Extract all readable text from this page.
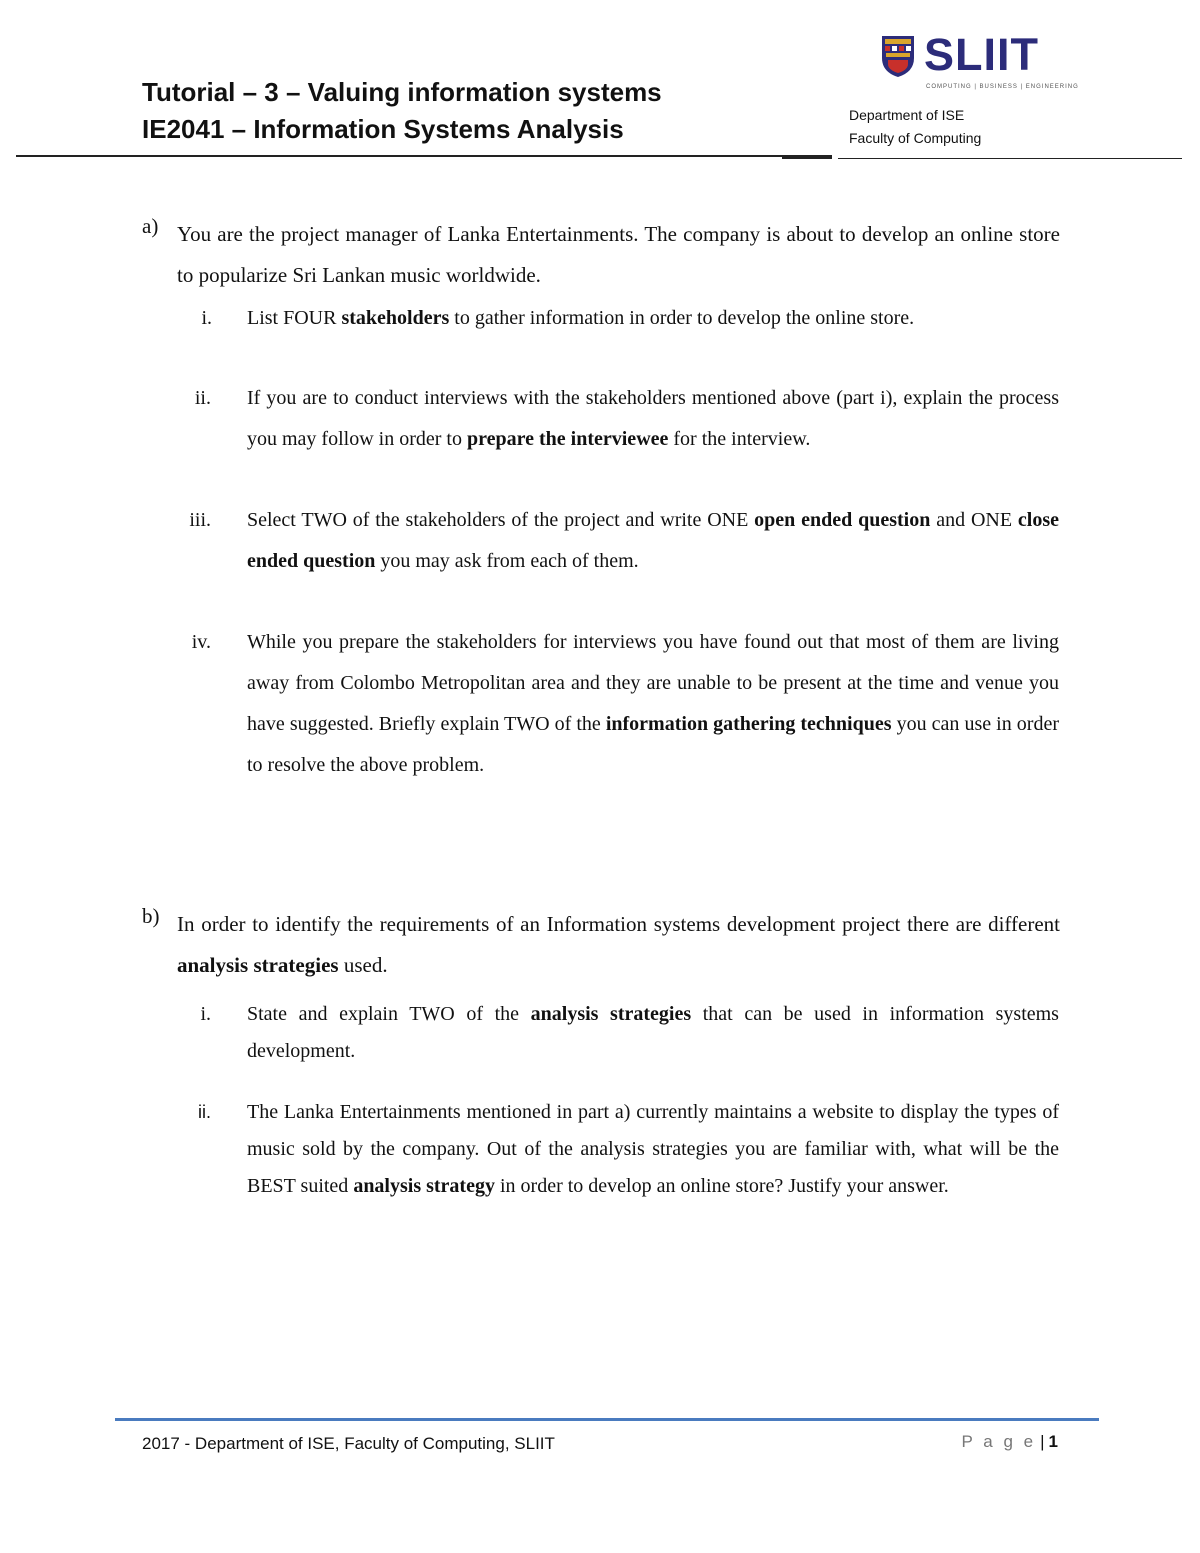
Tutorial – 3 – Valuing information systems
IE2041 – Information Systems Analysis
SLIIT
COMPUTING | BUSINESS | ENGINEERING
Department of ISE
Faculty of Computing
a) You are the project manager of Lanka Entertainments. The company is about to develop an online store to popularize Sri Lankan music worldwide.
i. List FOUR stakeholders to gather information in order to develop the online store.
ii. If you are to conduct interviews with the stakeholders mentioned above (part i), explain the process you may follow in order to prepare the interviewee for the interview.
iii. Select TWO of the stakeholders of the project and write ONE open ended question and ONE close ended question you may ask from each of them.
iv. While you prepare the stakeholders for interviews you have found out that most of them are living away from Colombo Metropolitan area and they are unable to be present at the time and venue you have suggested. Briefly explain TWO of the information gathering techniques you can use in order to resolve the above problem.
b) In order to identify the requirements of an Information systems development project there are different analysis strategies used.
i. State and explain TWO of the analysis strategies that can be used in information systems development.
ii. The Lanka Entertainments mentioned in part a) currently maintains a website to display the types of music sold by the company. Out of the analysis strategies you are familiar with, what will be the BEST suited analysis strategy in order to develop an online store? Justify your answer.
2017 - Department of ISE, Faculty of Computing, SLIIT	P a g e | 1
